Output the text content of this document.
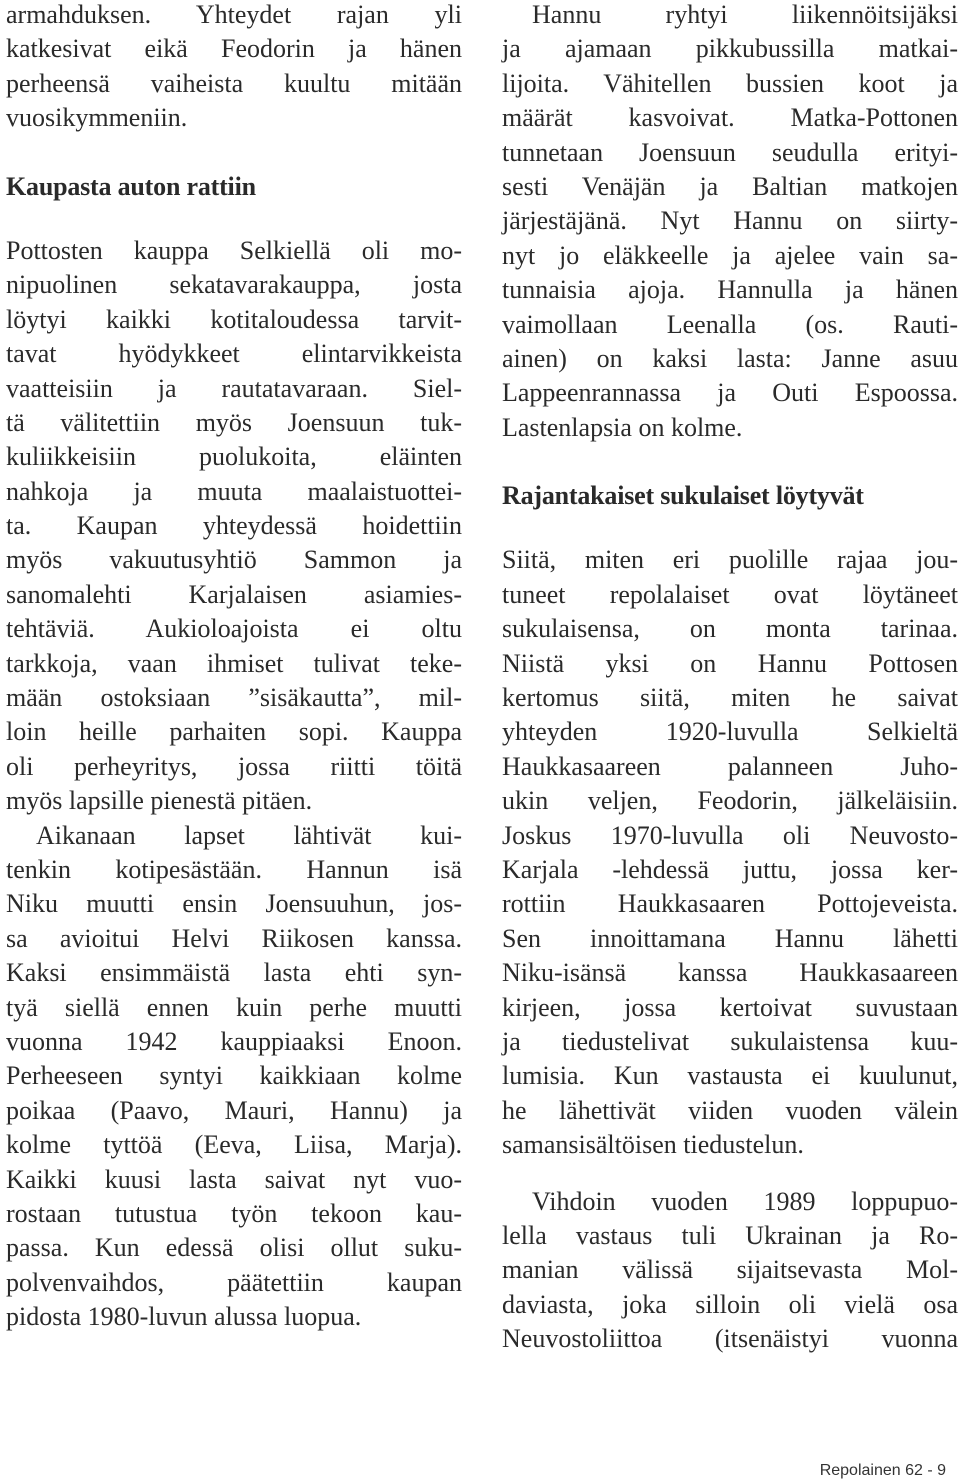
armahduksen. Yhteydet rajan yli
katkesivat eikä Feodorin ja hänen
perheensä vaiheista kuultu mitään
vuosikymmeniin.
Kaupasta auton rattiin
Pottosten kauppa Selkiellä oli mo-
nipuolinen sekatavarakauppa, josta
löytyi kaikki kotitaloudessa tarvit-
tavat hyödykkeet elintarvikkeista
vaatteisiin ja rautatavaraan. Siel-
tä välitettiin myös Joensuun tuk-
kuliikkeisiin puolukoita, eläinten
nahkoja ja muuta maalaistuottei-
ta. Kaupan yhteydessä hoidettiin
myös vakuutusyhtiö Sammon ja
sanomalehti Karjalaisen asiamies-
tehtäviä. Aukioloajoista ei oltu
tarkkoja, vaan ihmiset tulivat teke-
mään ostoksiaan ”sisäkautta”, mil-
loin heille parhaiten sopi. Kauppa
oli perheyritys, jossa riitti töitä
myös lapsille pienestä pitäen.
Aikanaan lapset lähtivät kui-
tenkin kotipesästään. Hannun isä
Niku muutti ensin Joensuuhun, jos-
sa avioitui Helvi Riikosen kanssa.
Kaksi ensimmäistä lasta ehti syn-
tyä siellä ennen kuin perhe muutti
vuonna 1942 kauppiaaksi Enoon.
Perheeseen syntyi kaikkiaan kolme
poikaa (Paavo, Mauri, Hannu) ja
kolme tyttöä (Eeva, Liisa, Marja).
Kaikki kuusi lasta saivat nyt vuo-
rostaan tutustua työn tekoon kau-
passa. Kun edessä olisi ollut suku-
polvenvaihdos, päätettiin kaupan
pidosta 1980-luvun alussa luopua.
Hannu ryhtyi liikennöitsijäksi
ja ajamaan pikkubussilla matkai-
lijoita. Vähitellen bussien koot ja
määrät kasvoivat. Matka-Pottonen
tunnetaan Joensuun seudulla erityi-
sesti Venäjän ja Baltian matkojen
järjestäjänä. Nyt Hannu on siirty-
nyt jo eläkkeelle ja ajelee vain sa-
tunnaisia ajoja. Hannulla ja hänen
vaimollaan Leenalla (os. Rauti-
ainen) on kaksi lasta: Janne asuu
Lappeenrannassa ja Outi Espoossa.
Lastenlapsia on kolme.
Rajantakaiset sukulaiset löytyvät
Siitä, miten eri puolille rajaa jou-
tuneet repolalaiset ovat löytäneet
sukulaisensa, on monta tarinaa.
Niistä yksi on Hannu Pottosen
kertomus siitä, miten he saivat
yhteyden 1920-luvulla Selkieltä
Haukkasaareen palanneen Juho-
ukin veljen, Feodorin, jälkeläisiin.
Joskus 1970-luvulla oli Neuvosto-
Karjala -lehdessä juttu, jossa ker-
rottiin Haukkasaaren Pottojeveista.
Sen innoittamana Hannu lähetti
Niku-isänsä kanssa Haukkasaareen
kirjeen, jossa kertoivat suvustaan
ja tiedustelivat sukulaistensa kuu-
lumisia. Kun vastausta ei kuulunut,
he lähettivät viiden vuoden välein
samansisältöisen tiedustelun.
Vihdoin vuoden 1989 loppupuo-
lella vastaus tuli Ukrainan ja Ro-
manian välissä sijaitsevasta Mol-
daviasta, joka silloin oli vielä osa
Neuvostoliittoa (itsenäistyi vuonna
Repolainen 62 - 9
